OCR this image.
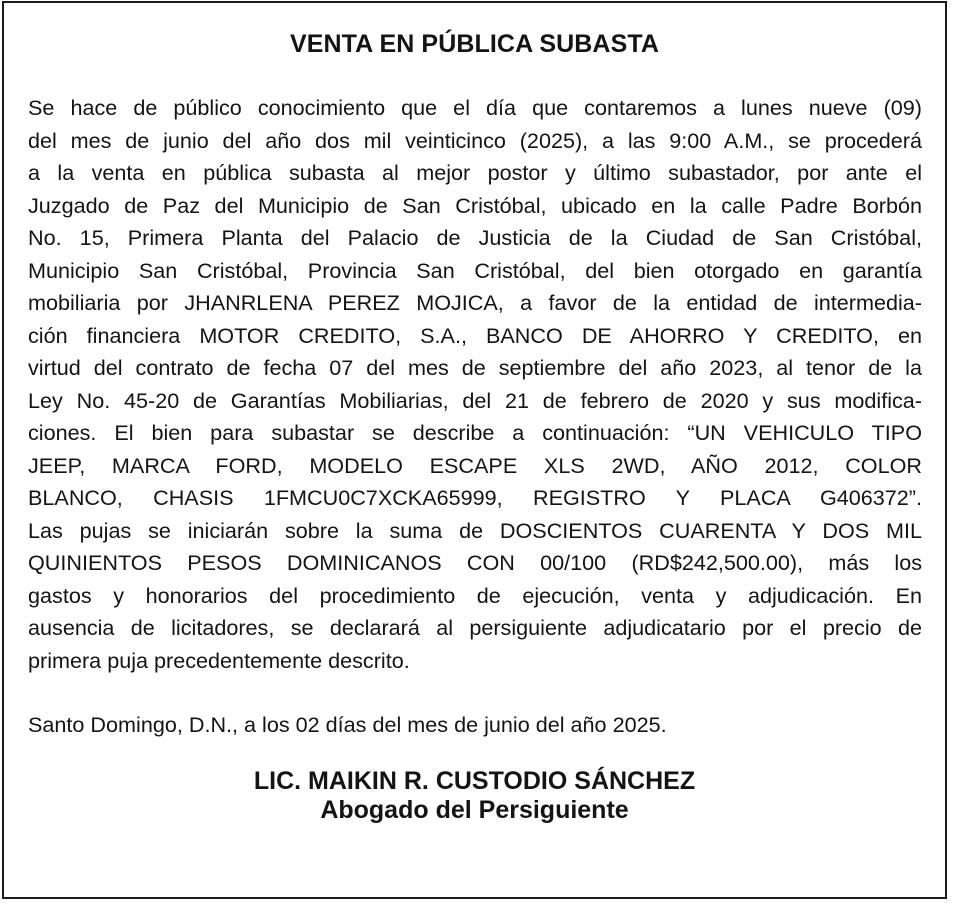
VENTA EN PÚBLICA SUBASTA
Se hace de público conocimiento que el día que contaremos a lunes nueve (09)
del mes de junio del año dos mil veinticinco (2025), a las 9:00 A.M., se procederá
a la venta en pública subasta al mejor postor y último subastador, por ante el
Juzgado de Paz del Municipio de San Cristóbal, ubicado en la calle Padre Borbón
No. 15, Primera Planta del Palacio de Justicia de la Ciudad de San Cristóbal,
Municipio San Cristóbal, Provincia San Cristóbal, del bien otorgado en garantía
mobiliaria por JHANRLENA PEREZ MOJICA, a favor de la entidad de intermedia-
ción financiera MOTOR CREDITO, S.A., BANCO DE AHORRO Y CREDITO, en
virtud del contrato de fecha 07 del mes de septiembre del año 2023, al tenor de la
Ley No. 45-20 de Garantías Mobiliarias, del 21 de febrero de 2020 y sus modifica-
ciones. El bien para subastar se describe a continuación: “UN VEHICULO TIPO
JEEP, MARCA FORD, MODELO ESCAPE XLS 2WD, AÑO 2012, COLOR
BLANCO, CHASIS 1FMCU0C7XCKA65999, REGISTRO Y PLACA G406372”.
Las pujas se iniciarán sobre la suma de DOSCIENTOS CUARENTA Y DOS MIL
QUINIENTOS PESOS DOMINICANOS CON 00/100 (RD$242,500.00), más los
gastos y honorarios del procedimiento de ejecución, venta y adjudicación. En
ausencia de licitadores, se declarará al persiguiente adjudicatario por el precio de
primera puja precedentemente descrito.
Santo Domingo, D.N., a los 02 días del mes de junio del año 2025.
LIC. MAIKIN R. CUSTODIO SÁNCHEZ
Abogado del Persiguiente
